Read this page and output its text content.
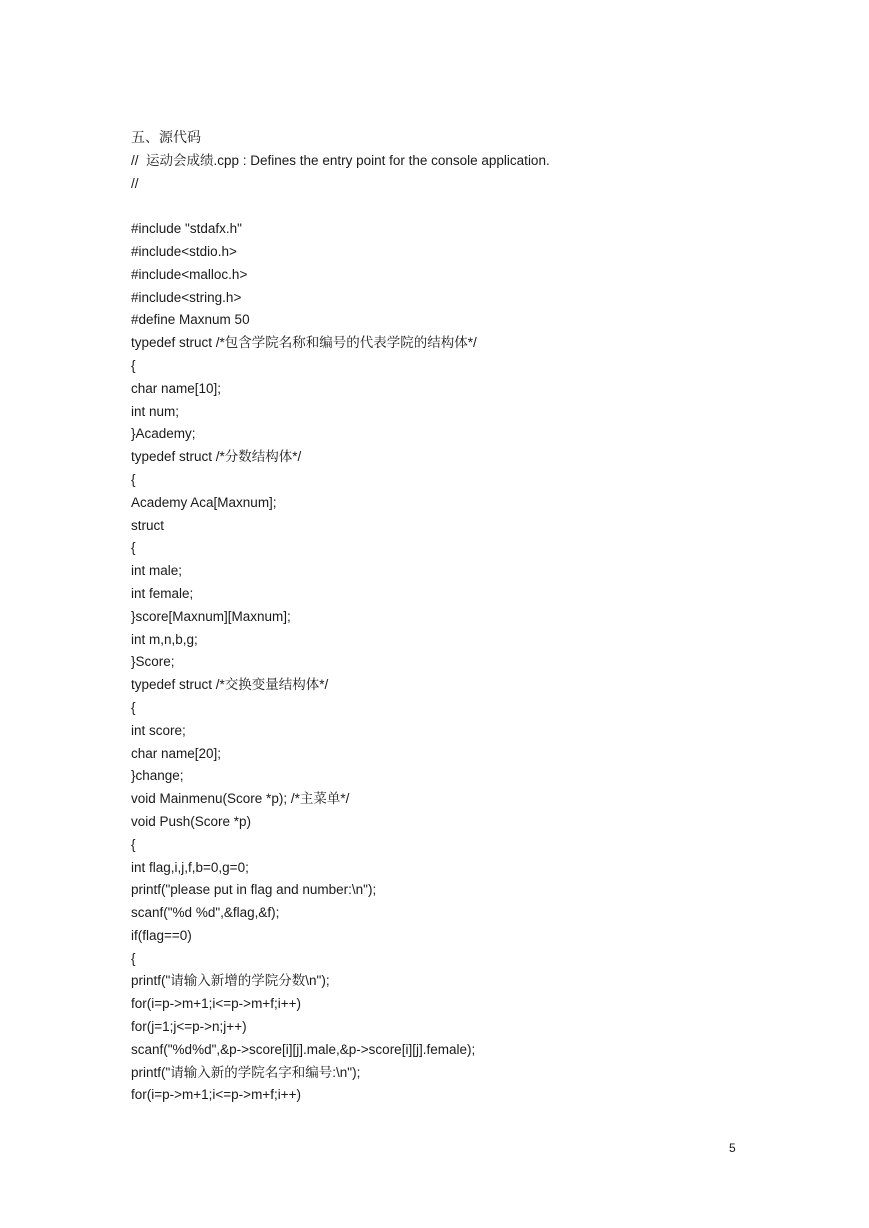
五、源代码
//  运动会成绩.cpp : Defines the entry point for the console application.
//
#include "stdafx.h"
#include<stdio.h>
#include<malloc.h>
#include<string.h>
#define Maxnum 50
typedef struct /*包含学院名称和编号的代表学院的结构体*/
{
char name[10];
int num;
}Academy;
typedef struct /*分数结构体*/
{
Academy Aca[Maxnum];
struct
{
int male;
int female;
}score[Maxnum][Maxnum];
int m,n,b,g;
}Score;
typedef struct /*交换变量结构体*/
{
int score;
char name[20];
}change;
void Mainmenu(Score *p); /*主菜单*/
void Push(Score *p)
{
int flag,i,j,f,b=0,g=0;
printf("please put in flag and number:\n");
scanf("%d %d",&flag,&f);
if(flag==0)
{
printf("请输入新增的学院分数\n");
for(i=p->m+1;i<=p->m+f;i++)
for(j=1;j<=p->n;j++)
scanf("%d%d",&p->score[i][j].male,&p->score[i][j].female);
printf("请输入新的学院名字和编号:\n");
for(i=p->m+1;i<=p->m+f;i++)
5
